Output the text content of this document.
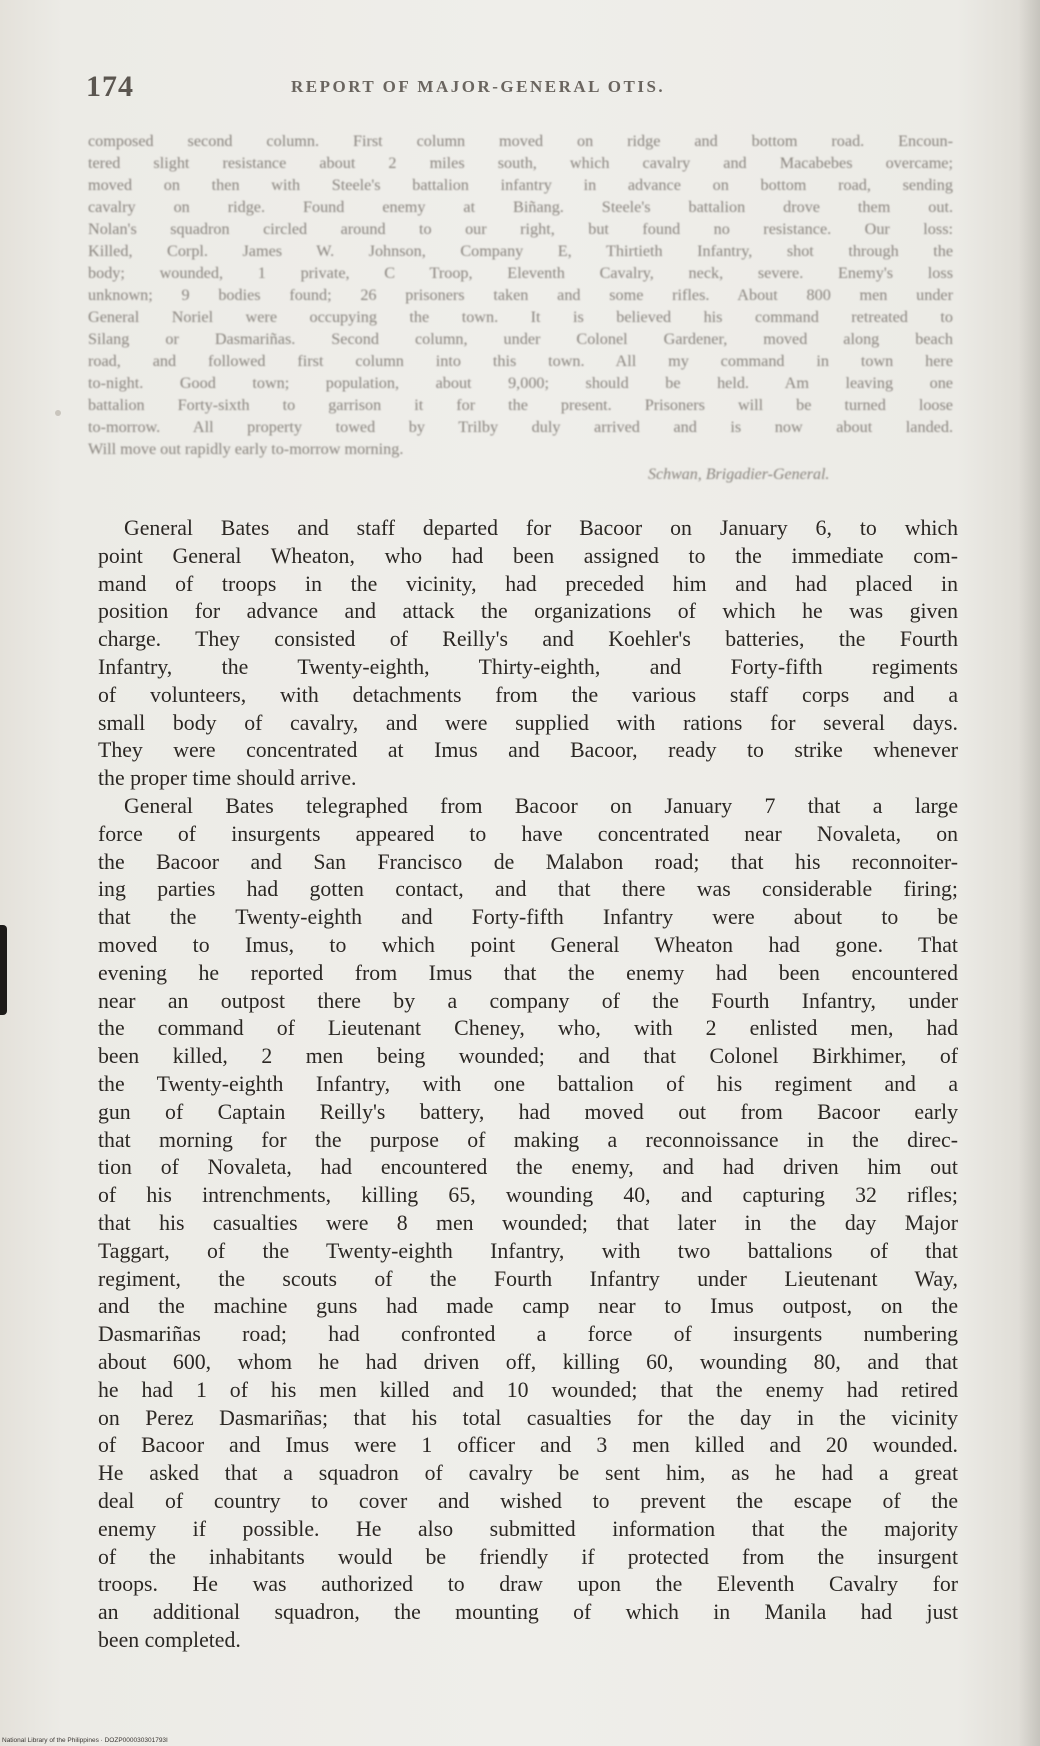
174	REPORT OF MAJOR-GENERAL OTIS.
composed second column. First column moved on ridge and bottom road. Encoun-
tered slight resistance about 2 miles south, which cavalry and Macabebes overcame;
moved on then with Steele's battalion infantry in advance on bottom road, sending
cavalry on ridge. Found enemy at Biñang. Steele's battalion drove them out.
Nolan's squadron circled around to our right, but found no resistance. Our loss:
Killed, Corpl. James W. Johnson, Company E, Thirtieth Infantry, shot through the
body; wounded, 1 private, C Troop, Eleventh Cavalry, neck, severe. Enemy's loss
unknown; 9 bodies found; 26 prisoners taken and some rifles. About 800 men under
General Noriel were occupying the town. It is believed his command retreated to
Silang or Dasmariñas. Second column, under Colonel Gardener, moved along beach
road, and followed first column into this town. All my command in town here
to-night. Good town; population, about 9,000; should be held. Am leaving one
battalion Forty-sixth to garrison it for the present. Prisoners will be turned loose
to-morrow. All property towed by Trilby duly arrived and is now about landed.
Will move out rapidly early to-morrow morning.
Schwan, Brigadier-General.
General Bates and staff departed for Bacoor on January 6, to which
point General Wheaton, who had been assigned to the immediate com-
mand of troops in the vicinity, had preceded him and had placed in
position for advance and attack the organizations of which he was given
charge. They consisted of Reilly's and Koehler's batteries, the Fourth
Infantry, the Twenty-eighth, Thirty-eighth, and Forty-fifth regiments
of volunteers, with detachments from the various staff corps and a
small body of cavalry, and were supplied with rations for several days.
They were concentrated at Imus and Bacoor, ready to strike whenever
the proper time should arrive.
General Bates telegraphed from Bacoor on January 7 that a large
force of insurgents appeared to have concentrated near Novaleta, on
the Bacoor and San Francisco de Malabon road; that his reconnoiter-
ing parties had gotten contact, and that there was considerable firing;
that the Twenty-eighth and Forty-fifth Infantry were about to be
moved to Imus, to which point General Wheaton had gone. That
evening he reported from Imus that the enemy had been encountered
near an outpost there by a company of the Fourth Infantry, under
the command of Lieutenant Cheney, who, with 2 enlisted men, had
been killed, 2 men being wounded; and that Colonel Birkhimer, of
the Twenty-eighth Infantry, with one battalion of his regiment and a
gun of Captain Reilly's battery, had moved out from Bacoor early
that morning for the purpose of making a reconnoissance in the direc-
tion of Novaleta, had encountered the enemy, and had driven him out
of his intrenchments, killing 65, wounding 40, and capturing 32 rifles;
that his casualties were 8 men wounded; that later in the day Major
Taggart, of the Twenty-eighth Infantry, with two battalions of that
regiment, the scouts of the Fourth Infantry under Lieutenant Way,
and the machine guns had made camp near to Imus outpost, on the
Dasmariñas road; had confronted a force of insurgents numbering
about 600, whom he had driven off, killing 60, wounding 80, and that
he had 1 of his men killed and 10 wounded; that the enemy had retired
on Perez Dasmariñas; that his total casualties for the day in the vicinity
of Bacoor and Imus were 1 officer and 3 men killed and 20 wounded.
He asked that a squadron of cavalry be sent him, as he had a great
deal of country to cover and wished to prevent the escape of the
enemy if possible. He also submitted information that the majority
of the inhabitants would be friendly if protected from the insurgent
troops. He was authorized to draw upon the Eleventh Cavalry for
an additional squadron, the mounting of which in Manila had just
been completed.
National Library of the Philippines · DOZP000030301793I
